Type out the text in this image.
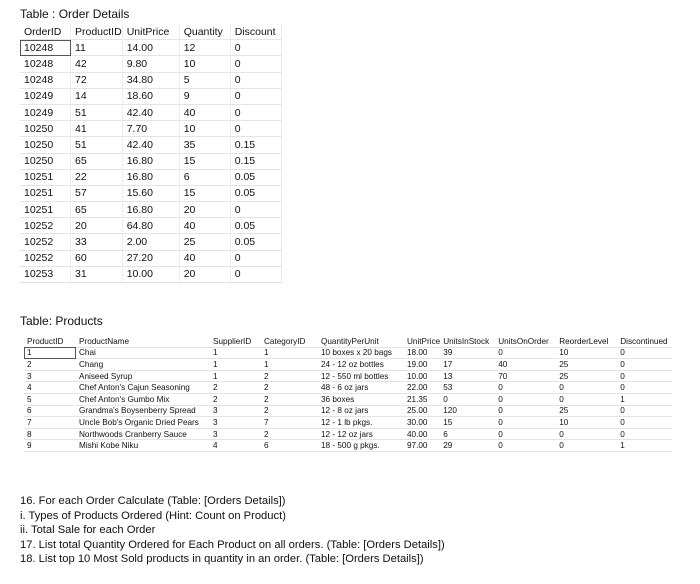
Table : Order Details
OrderID	ProductID	UnitPrice	Quantity	Discount
10248	11	14.00	12	0
10248	42	9.80	10	0
10248	72	34.80	5	0
10249	14	18.60	9	0
10249	51	42.40	40	0
10250	41	7.70	10	0
10250	51	42.40	35	0.15
10250	65	16.80	15	0.15
10251	22	16.80	6	0.05
10251	57	15.60	15	0.05
10251	65	16.80	20	0
10252	20	64.80	40	0.05
10252	33	2.00	25	0.05
10252	60	27.20	40	0
10253	31	10.00	20	0
Table: Products
ProductID	ProductName	SupplierID	CategoryID	QuantityPerUnit	UnitPrice	UnitsInStock	UnitsOnOrder	ReorderLevel	Discontinued
1	Chai	1	1	10 boxes x 20 bags	18.00	39	0	10	0
2	Chang	1	1	24 - 12 oz bottles	19.00	17	40	25	0
3	Aniseed Syrup	1	2	12 - 550 ml bottles	10.00	13	70	25	0
4	Chef Anton's Cajun Seasoning	2	2	48 - 6 oz jars	22.00	53	0	0	0
5	Chef Anton's Gumbo Mix	2	2	36 boxes	21.35	0	0	0	1
6	Grandma's Boysenberry Spread	3	2	12 - 8 oz jars	25.00	120	0	25	0
7	Uncle Bob's Organic Dried Pears	3	7	12 - 1 lb pkgs.	30.00	15	0	10	0
8	Northwoods Cranberry Sauce	3	2	12 - 12 oz jars	40.00	6	0	0	0
9	Mishi Kobe Niku	4	6	18 - 500 g pkgs.	97.00	29	0	0	1
16. For each Order Calculate (Table: [Orders Details])
i. Types of Products Ordered (Hint: Count on Product)
ii. Total Sale for each Order
17. List total Quantity Ordered for Each Product on all orders. (Table: [Orders Details])
18. List top 10 Most Sold products in quantity in an order. (Table: [Orders Details])
